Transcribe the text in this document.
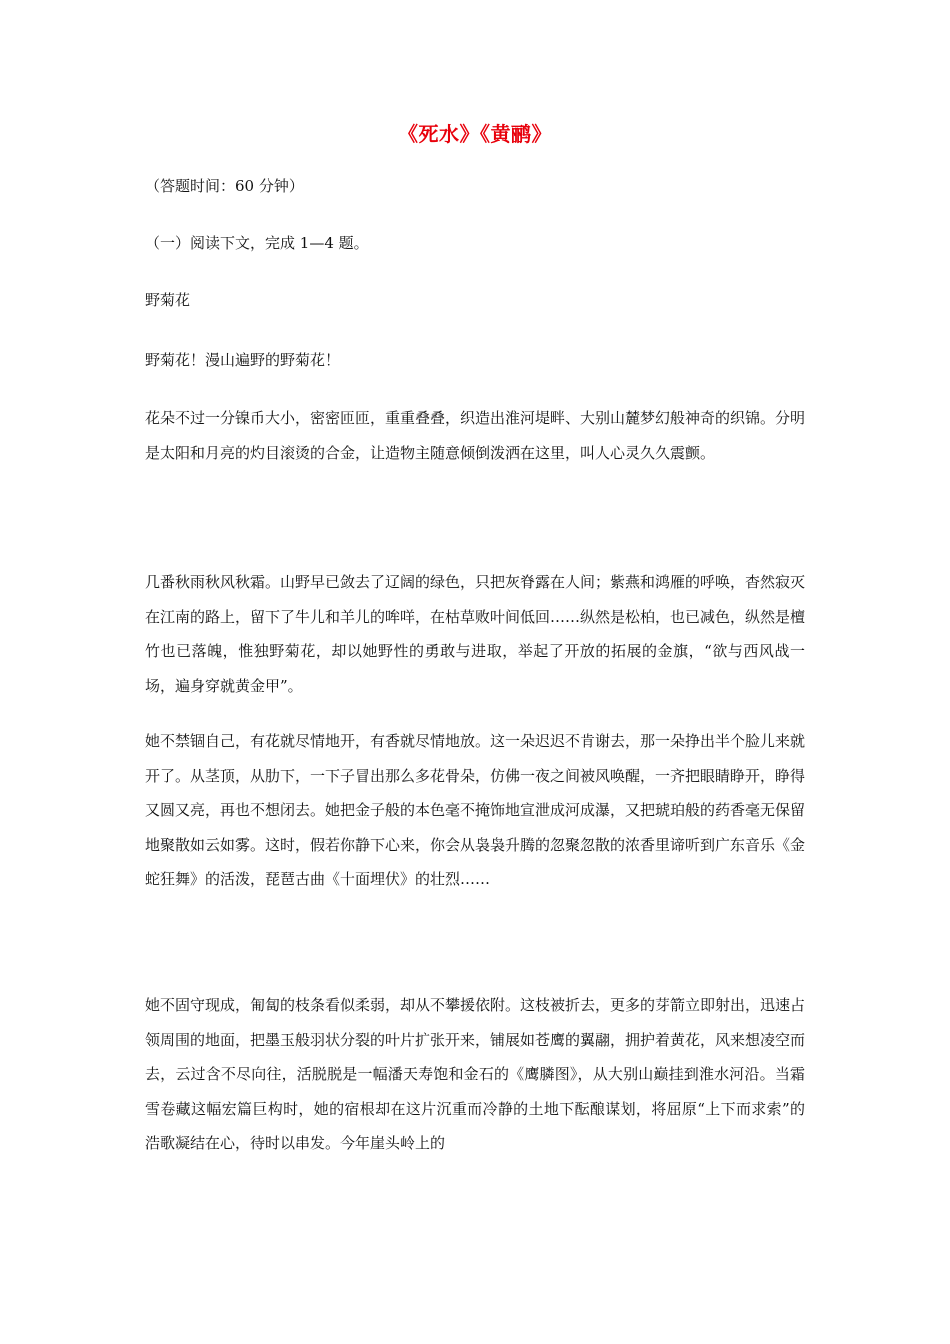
《死水》《黄鹂》
（答题时间：60 分钟）
（一）阅读下文，完成 1—4 题。
野菊花
野菊花！漫山遍野的野菊花！
花朵不过一分镍币大小，密密匝匝，重重叠叠，织造出淮河堤畔、大别山麓梦幻般神奇的织锦。分明是太阳和月亮的灼目滚烫的合金，让造物主随意倾倒泼洒在这里，叫人心灵久久震颤。
几番秋雨秋风秋霜。山野早已敛去了辽阔的绿色，只把灰脊露在人间；紫燕和鸿雁的呼唤，杳然寂灭在江南的路上，留下了牛儿和羊儿的哞咩，在枯草败叶间低回……纵然是松柏，也已减色，纵然是檀竹也已落魄，惟独野菊花，却以她野性的勇敢与进取，举起了开放的拓展的金旗，“欲与西风战一场，遍身穿就黄金甲”。
她不禁锢自己，有花就尽情地开，有香就尽情地放。这一朵迟迟不肯谢去，那一朵挣出半个脸儿来就开了。从茎顶，从肋下，一下子冒出那么多花骨朵，仿佛一夜之间被风唤醒，一齐把眼睛睁开，睁得又圆又亮，再也不想闭去。她把金子般的本色毫不掩饰地宣泄成河成瀑，又把琥珀般的药香毫无保留地聚散如云如雾。这时，假若你静下心来，你会从袅袅升腾的忽聚忽散的浓香里谛听到广东音乐《金蛇狂舞》的活泼，琵琶古曲《十面埋伏》的壮烈……
她不固守现成，匍匐的枝条看似柔弱，却从不攀援依附。这枝被折去，更多的芽箭立即射出，迅速占领周围的地面，把墨玉般羽状分裂的叶片扩张开来，铺展如苍鹰的翼翮，拥护着黄花，风来想凌空而去，云过含不尽向往，活脱脱是一幅潘天寿饱和金石的《鹰膦图》，从大别山巅挂到淮水河沿。当霜雪卷藏这幅宏篇巨构时，她的宿根却在这片沉重而冷静的土地下酝酿谋划，将屈原“上下而求索”的浩歌凝结在心，待时以串发。今年崖头岭上的
